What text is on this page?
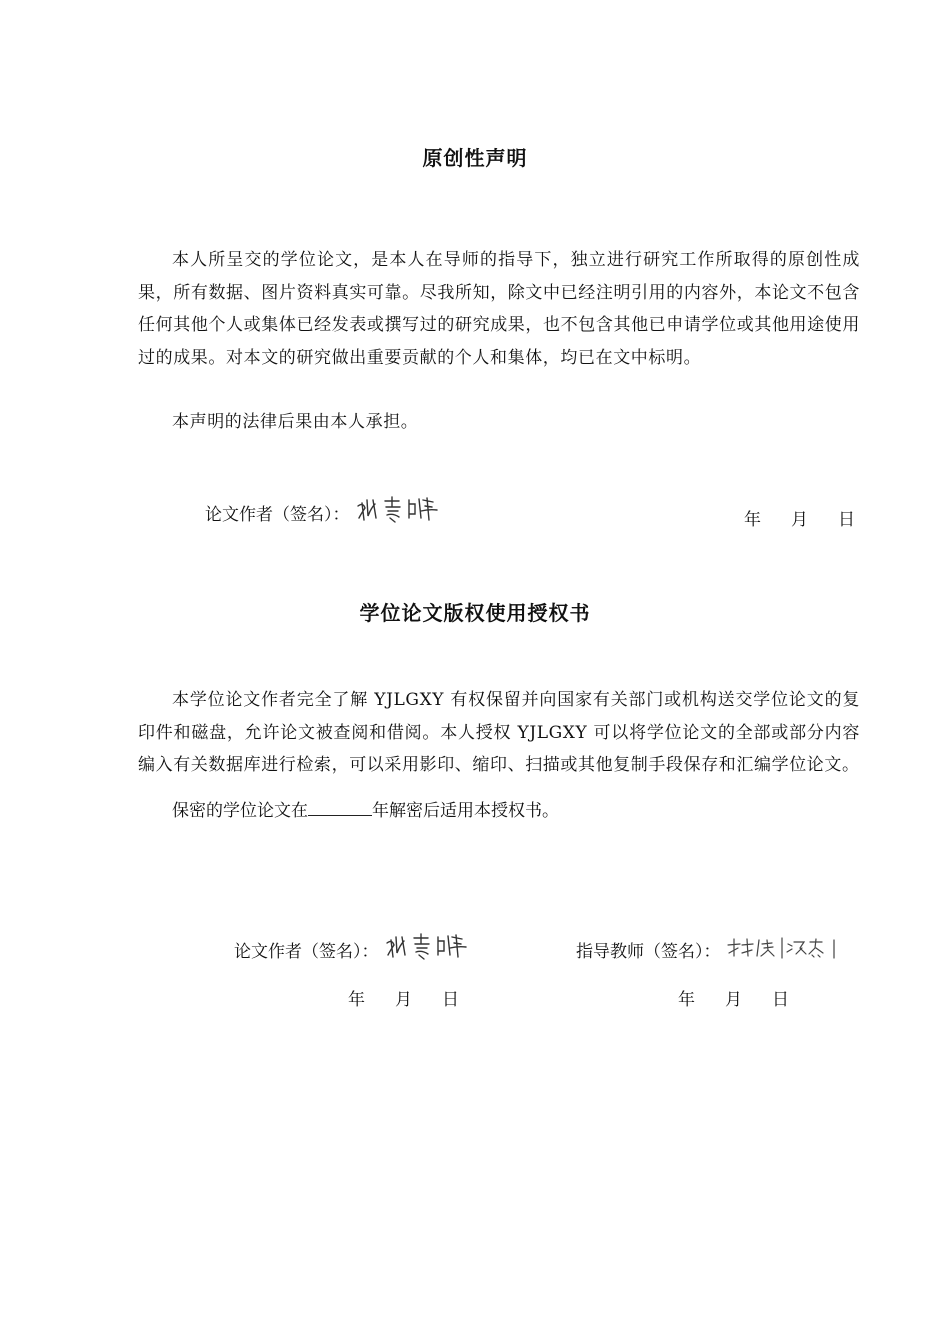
原创性声明

本人所呈交的学位论文，是本人在导师的指导下，独立进行研究工作所取得的原创性成果，所有数据、图片资料真实可靠。尽我所知，除文中已经注明引用的内容外，本论文不包含任何其他个人或集体已经发表或撰写过的研究成果，也不包含其他已申请学位或其他用途使用过的成果。对本文的研究做出重要贡献的个人和集体，均已在文中标明。

本声明的法律后果由本人承担。

论文作者（签名）：	年 月 日
学位论文版权使用授权书

本学位论文作者完全了解 YJLGXY 有权保留并向国家有关部门或机构送交学位论文的复印件和磁盘，允许论文被查阅和借阅。本人授权 YJLGXY 可以将学位论文的全部或部分内容编入有关数据库进行检索，可以采用影印、缩印、扫描或其他复制手段保存和汇编学位论文。

保密的学位论文在	年解密后适用本授权书。
论文作者（签名）：	指导教师（签名）：
年 月 日	年 月 日
